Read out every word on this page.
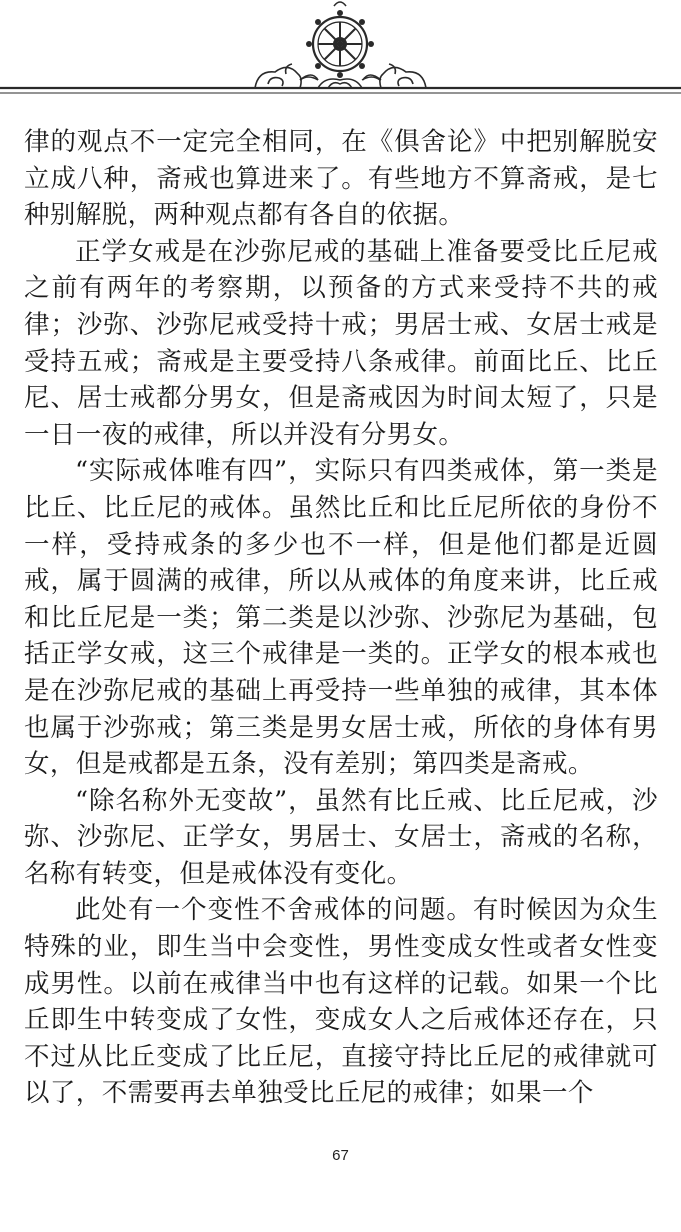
律的观点不一定完全相同，在《俱舍论》中把别解脱安立成八种，斋戒也算进来了。有些地方不算斋戒，是七种别解脱，两种观点都有各自的依据。

正学女戒是在沙弥尼戒的基础上准备要受比丘尼戒之前有两年的考察期，以预备的方式来受持不共的戒律；沙弥、沙弥尼戒受持十戒；男居士戒、女居士戒是受持五戒；斋戒是主要受持八条戒律。前面比丘、比丘尼、居士戒都分男女，但是斋戒因为时间太短了，只是一日一夜的戒律，所以并没有分男女。

“实际戒体唯有四”，实际只有四类戒体，第一类是比丘、比丘尼的戒体。虽然比丘和比丘尼所依的身份不一样，受持戒条的多少也不一样，但是他们都是近圆戒，属于圆满的戒律，所以从戒体的角度来讲，比丘戒和比丘尼是一类；第二类是以沙弥、沙弥尼为基础，包括正学女戒，这三个戒律是一类的。正学女的根本戒也是在沙弥尼戒的基础上再受持一些单独的戒律，其本体也属于沙弥戒；第三类是男女居士戒，所依的身体有男女，但是戒都是五条，没有差别；第四类是斋戒。

“除名称外无变故”，虽然有比丘戒、比丘尼戒，沙弥、沙弥尼、正学女，男居士、女居士，斋戒的名称，名称有转变，但是戒体没有变化。

此处有一个变性不舍戒体的问题。有时候因为众生特殊的业，即生当中会变性，男性变成女性或者女性变成男性。以前在戒律当中也有这样的记载。如果一个比丘即生中转变成了女性，变成女人之后戒体还存在，只不过从比丘变成了比丘尼，直接守持比丘尼的戒律就可以了，不需要再去单独受比丘尼的戒律；如果一个

67
